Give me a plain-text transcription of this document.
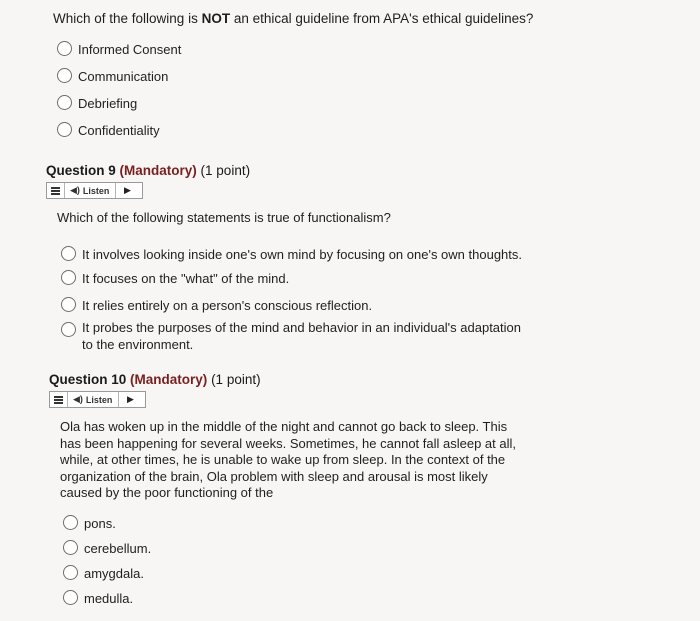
Which of the following is NOT an ethical guideline from APA's ethical guidelines?
Informed Consent
Communication
Debriefing
Confidentiality
Question 9 (Mandatory) (1 point)
◀) Listen	▶
Which of the following statements is true of functionalism?
It involves looking inside one's own mind by focusing on one's own thoughts.
It focuses on the "what" of the mind.
It relies entirely on a person's conscious reflection.
It probes the purposes of the mind and behavior in an individual's adaptation to the environment.
Question 10 (Mandatory) (1 point)
◀) Listen	▶
Ola has woken up in the middle of the night and cannot go back to sleep. This has been happening for several weeks. Sometimes, he cannot fall asleep at all, while, at other times, he is unable to wake up from sleep. In the context of the organization of the brain, Ola problem with sleep and arousal is most likely caused by the poor functioning of the
pons.
cerebellum.
amygdala.
medulla.
